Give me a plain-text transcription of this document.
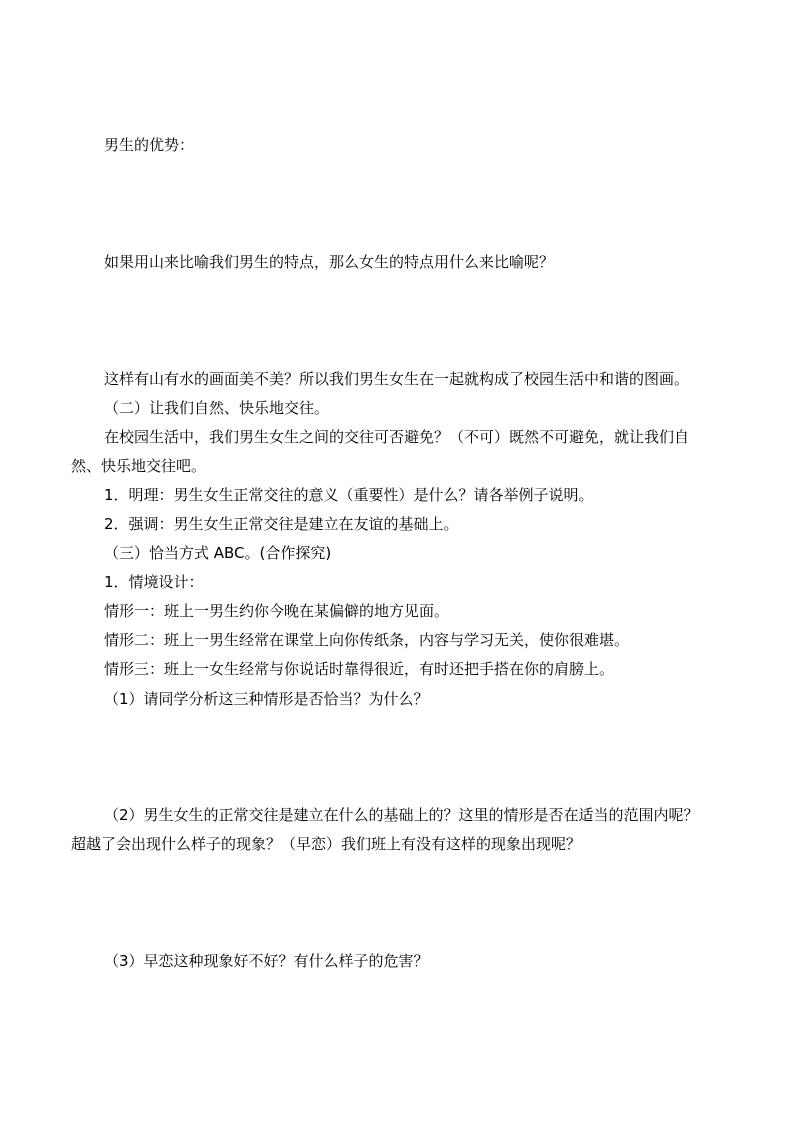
男生的优势：
如果用山来比喻我们男生的特点，那么女生的特点用什么来比喻呢？
这样有山有水的画面美不美？所以我们男生女生在一起就构成了校园生活中和谐的图画。
（二）让我们自然、快乐地交往。
在校园生活中，我们男生女生之间的交往可否避免？（不可）既然不可避免，就让我们自
然、快乐地交往吧。
1．明理：男生女生正常交往的意义（重要性）是什么？请各举例子说明。
2．强调：男生女生正常交往是建立在友谊的基础上。
（三）恰当方式 ABC。(合作探究)
1．情境设计：
情形一：班上一男生约你今晚在某偏僻的地方见面。
情形二：班上一男生经常在课堂上向你传纸条，内容与学习无关，使你很难堪。
情形三：班上一女生经常与你说话时靠得很近，有时还把手搭在你的肩膀上。
（1）请同学分析这三种情形是否恰当？为什么？
（2）男生女生的正常交往是建立在什么的基础上的？这里的情形是否在适当的范围内呢？
超越了会出现什么样子的现象？（早恋）我们班上有没有这样的现象出现呢？
（3）早恋这种现象好不好？有什么样子的危害？
